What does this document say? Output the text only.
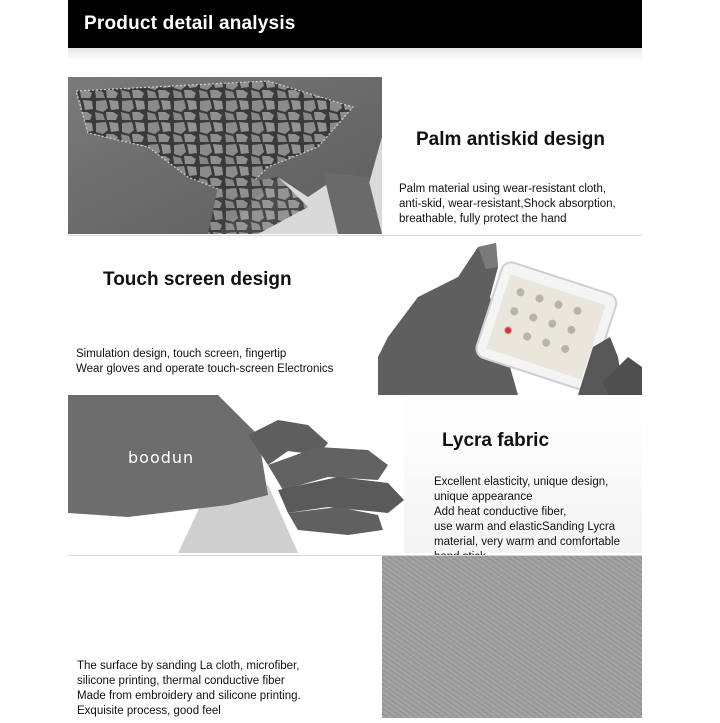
Product detail analysis
Palm antiskid design
Palm material using wear-resistant cloth,
anti-skid, wear-resistant,Shock absorption,
breathable, fully protect the hand
Touch screen design
Simulation design, touch screen, fingertip
Wear gloves and operate touch-screen Electronics
boodun
Lycra fabric
Excellent elasticity, unique design,
unique appearance
Add heat conductive fiber,
use warm and elasticSanding Lycra
material, very warm and comfortable
The surface by sanding La cloth, microfiber,
silicone printing, thermal conductive fiber
Made from embroidery and silicone printing.
Exquisite process, good feel
